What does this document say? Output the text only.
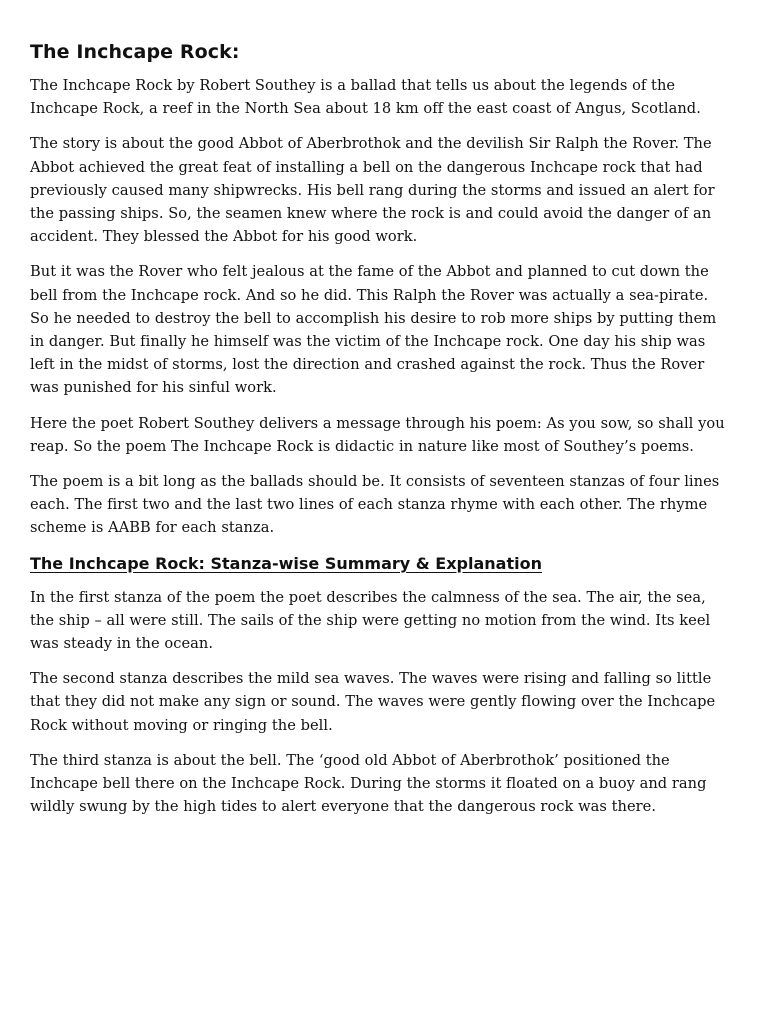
The Inchcape Rock:

The Inchcape Rock by Robert Southey is a ballad that tells us about the legends of the Inchcape Rock, a reef in the North Sea about 18 km off the east coast of Angus, Scotland.

The story is about the good Abbot of Aberbrothok and the devilish Sir Ralph the Rover. The Abbot achieved the great feat of installing a bell on the dangerous Inchcape rock that had previously caused many shipwrecks. His bell rang during the storms and issued an alert for the passing ships. So, the seamen knew where the rock is and could avoid the danger of an accident. They blessed the Abbot for his good work.

But it was the Rover who felt jealous at the fame of the Abbot and planned to cut down the bell from the Inchcape rock. And so he did. This Ralph the Rover was actually a sea-pirate. So he needed to destroy the bell to accomplish his desire to rob more ships by putting them in danger. But finally he himself was the victim of the Inchcape rock. One day his ship was left in the midst of storms, lost the direction and crashed against the rock. Thus the Rover was punished for his sinful work.

Here the poet Robert Southey delivers a message through his poem: As you sow, so shall you reap. So the poem The Inchcape Rock is didactic in nature like most of Southey’s poems.

The poem is a bit long as the ballads should be. It consists of seventeen stanzas of four lines each. The first two and the last two lines of each stanza rhyme with each other. The rhyme scheme is AABB for each stanza.

The Inchcape Rock: Stanza-wise Summary & Explanation

In the first stanza of the poem the poet describes the calmness of the sea. The air, the sea, the ship – all were still. The sails of the ship were getting no motion from the wind. Its keel was steady in the ocean.

The second stanza describes the mild sea waves. The waves were rising and falling so little that they did not make any sign or sound. The waves were gently flowing over the Inchcape Rock without moving or ringing the bell.

The third stanza is about the bell. The ‘good old Abbot of Aberbrothok’ positioned the Inchcape bell there on the Inchcape Rock. During the storms it floated on a buoy and rang wildly swung by the high tides to alert everyone that the dangerous rock was there.
